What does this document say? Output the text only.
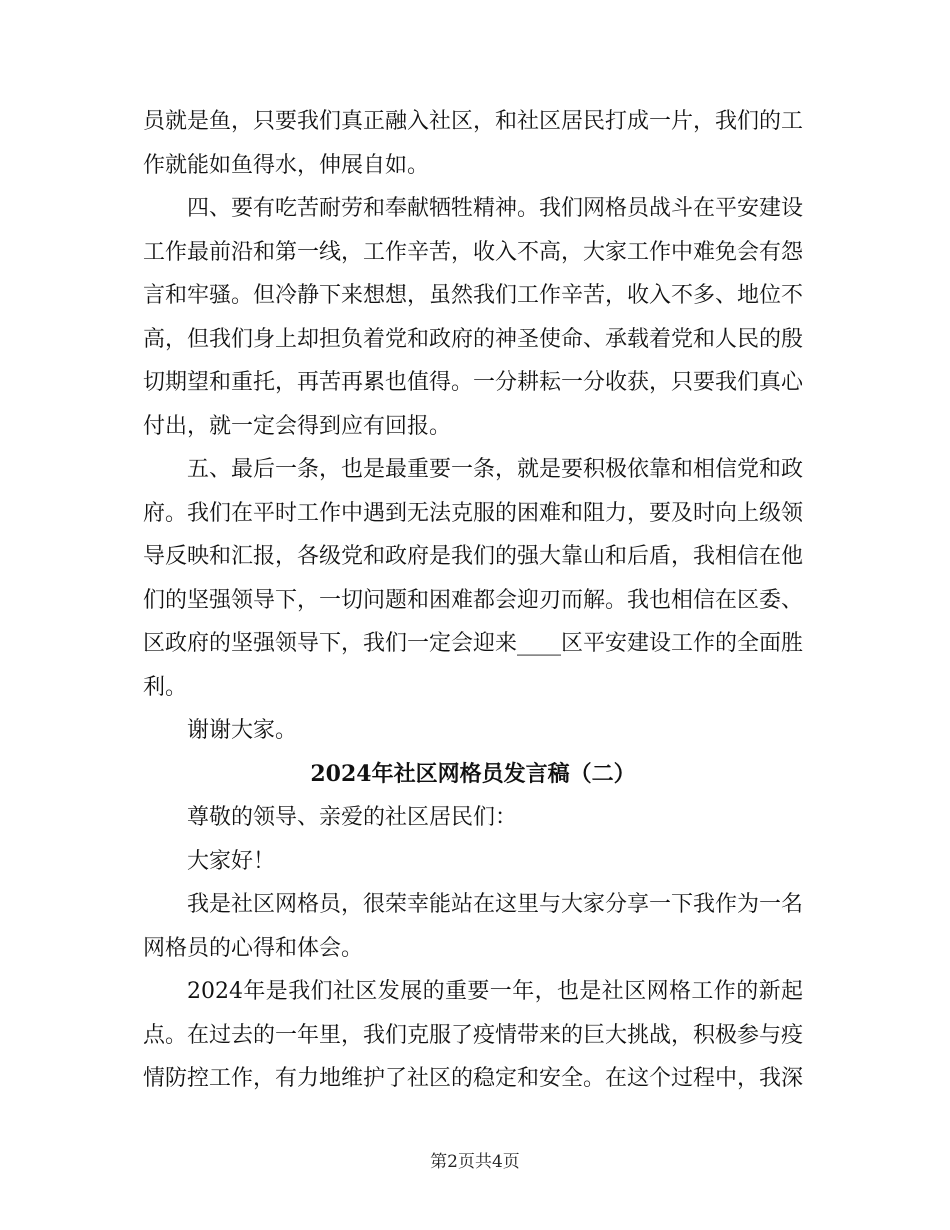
员就是鱼，只要我们真正融入社区，和社区居民打成一片，我们的工作就能如鱼得水，伸展自如。

四、要有吃苦耐劳和奉献牺牲精神。我们网格员战斗在平安建设工作最前沿和第一线，工作辛苦，收入不高，大家工作中难免会有怨言和牢骚。但冷静下来想想，虽然我们工作辛苦，收入不多、地位不高，但我们身上却担负着党和政府的神圣使命、承载着党和人民的殷切期望和重托，再苦再累也值得。一分耕耘一分收获，只要我们真心付出，就一定会得到应有回报。

五、最后一条，也是最重要一条，就是要积极依靠和相信党和政府。我们在平时工作中遇到无法克服的困难和阻力，要及时向上级领导反映和汇报，各级党和政府是我们的强大靠山和后盾，我相信在他们的坚强领导下，一切问题和困难都会迎刃而解。我也相信在区委、区政府的坚强领导下，我们一定会迎来____区平安建设工作的全面胜利。

谢谢大家。

2024年社区网格员发言稿（二）

尊敬的领导、亲爱的社区居民们：

大家好！

我是社区网格员，很荣幸能站在这里与大家分享一下我作为一名网格员的心得和体会。

2024年是我们社区发展的重要一年，也是社区网格工作的新起点。在过去的一年里，我们克服了疫情带来的巨大挑战，积极参与疫情防控工作，有力地维护了社区的稳定和安全。在这个过程中，我深

第2页共4页
